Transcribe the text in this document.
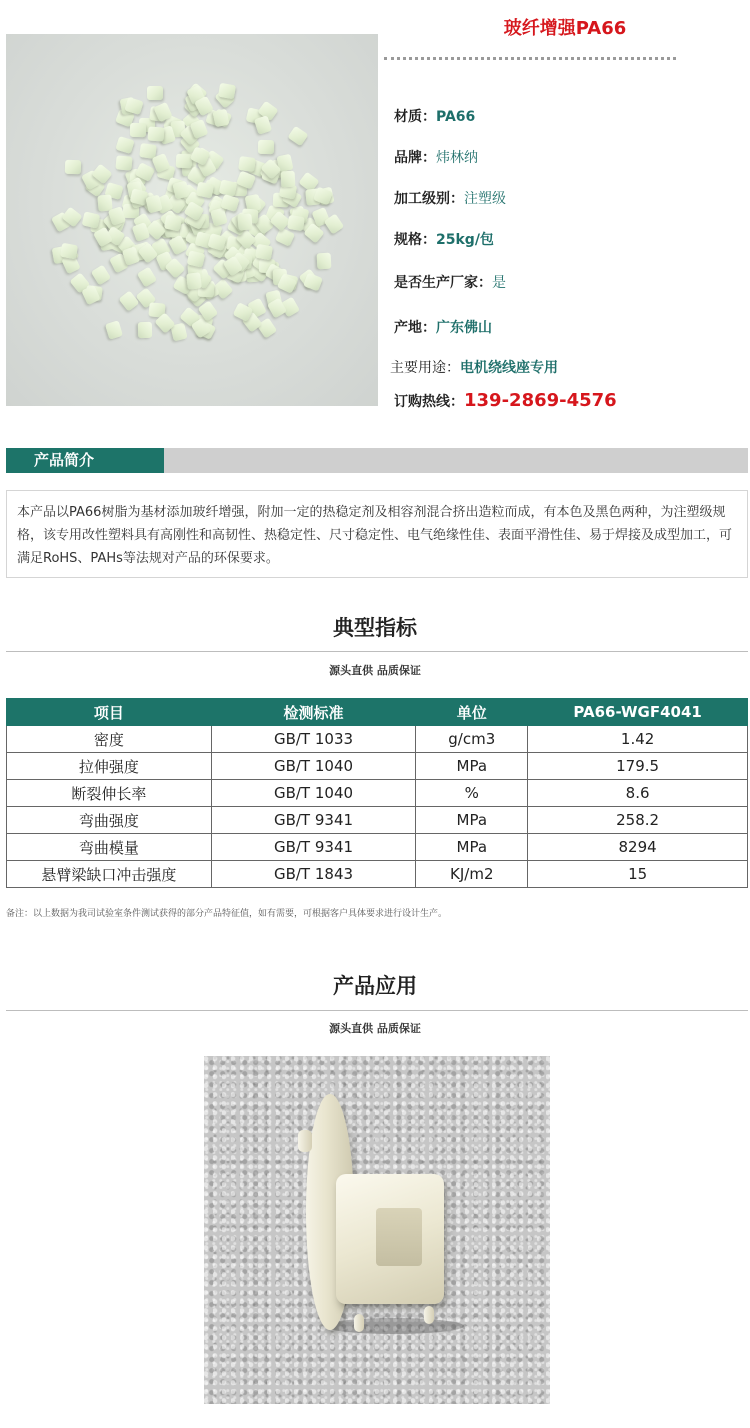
玻纤增强PA66
材质：PA66
品牌：炜林纳
加工级别：注塑级
规格：25kg/包
是否生产厂家：是
产地：广东佛山
主要用途：电机绕线座专用
订购热线：139-2869-4576
产品简介
本产品以PA66树脂为基材添加玻纤增强，附加一定的热稳定剂及相容剂混合挤出造粒而成，有本色及黑色两种，为注塑级规格，该专用改性塑料具有高刚性和高韧性、热稳定性、尺寸稳定性、电气绝缘性佳、表面平滑性佳、易于焊接及成型加工，可满足RoHS、PAHs等法规对产品的环保要求。
典型指标
源头直供 品质保证
项目	检测标准	单位	PA66-WGF4041
密度	GB/T 1033	g/cm3	1.42
拉伸强度	GB/T 1040	MPa	179.5
断裂伸长率	GB/T 1040	%	8.6
弯曲强度	GB/T 9341	MPa	258.2
弯曲模量	GB/T 9341	MPa	8294
悬臂梁缺口冲击强度	GB/T 1843	KJ/m2	15
备注：以上数据为我司试验室条件测试获得的部分产品特征值，如有需要，可根据客户具体要求进行设计生产。
产品应用
源头直供 品质保证
